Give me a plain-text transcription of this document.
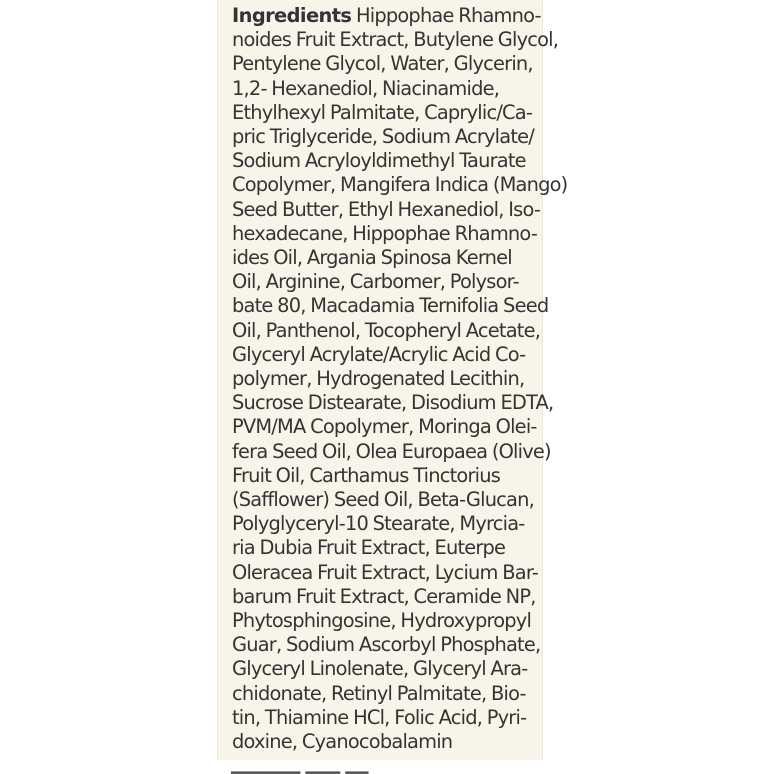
Ingredients Hippophae Rhamno-
noides Fruit Extract, Butylene Glycol,
Pentylene Glycol, Water, Glycerin,
1,2- Hexanediol, Niacinamide,
Ethylhexyl Palmitate, Caprylic/Ca-
pric Triglyceride, Sodium Acrylate/
Sodium Acryloyldimethyl Taurate
Copolymer, Mangifera Indica (Mango)
Seed Butter, Ethyl Hexanediol, Iso-
hexadecane, Hippophae Rhamno-
ides Oil, Argania Spinosa Kernel
Oil, Arginine, Carbomer, Polysor-
bate 80, Macadamia Ternifolia Seed
Oil, Panthenol, Tocopheryl Acetate,
Glyceryl Acrylate/Acrylic Acid Co-
polymer, Hydrogenated Lecithin,
Sucrose Distearate, Disodium EDTA,
PVM/MA Copolymer, Moringa Olei-
fera Seed Oil, Olea Europaea (Olive)
Fruit Oil, Carthamus Tinctorius
(Safflower) Seed Oil, Beta-Glucan,
Polyglyceryl-10 Stearate, Myrcia-
ria Dubia Fruit Extract, Euterpe
Oleracea Fruit Extract, Lycium Bar-
barum Fruit Extract, Ceramide NP,
Phytosphingosine, Hydroxypropyl
Guar, Sodium Ascorbyl Phosphate,
Glyceryl Linolenate, Glyceryl Ara-
chidonate, Retinyl Palmitate, Bio-
tin, Thiamine HCl, Folic Acid, Pyri-
doxine, Cyanocobalamin

▁▁▁▁▁▁ ▁▁▁ ▁▁
